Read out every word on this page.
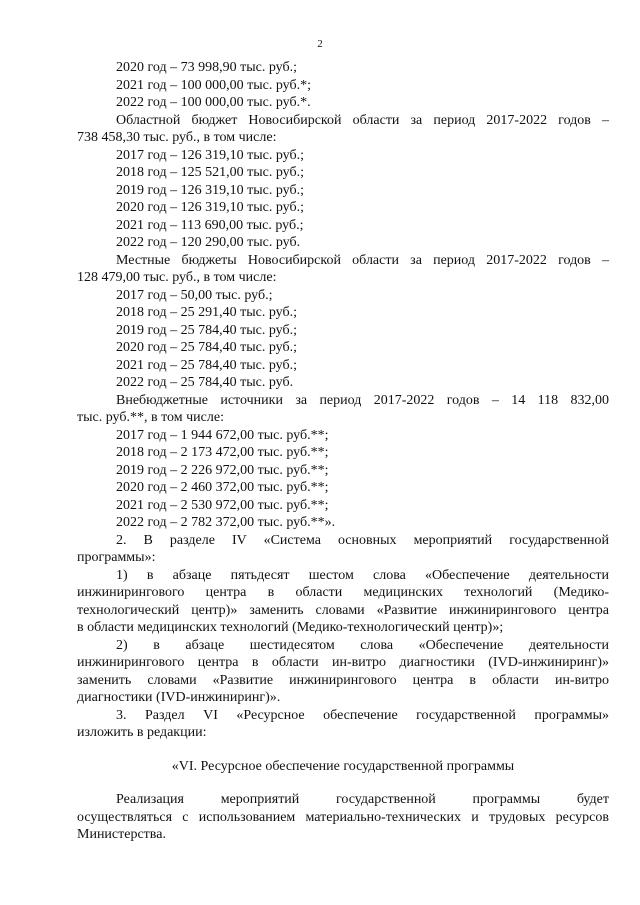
2

2020 год – 73 998,90 тыс. руб.;

2021 год – 100 000,00 тыс. руб.*;

2022 год – 100 000,00 тыс. руб.*.

Областной бюджет Новосибирской области за период 2017-2022 годов –

738 458,30 тыс. руб., в том числе:

2017 год – 126 319,10 тыс. руб.;

2018 год – 125 521,00 тыс. руб.;

2019 год – 126 319,10 тыс. руб.;

2020 год – 126 319,10 тыс. руб.;

2021 год – 113 690,00 тыс. руб.;

2022 год – 120 290,00 тыс. руб.

Местные бюджеты Новосибирской области за период 2017-2022 годов –

128 479,00 тыс. руб., в том числе:

2017 год – 50,00 тыс. руб.;

2018 год – 25 291,40 тыс. руб.;

2019 год – 25 784,40 тыс. руб.;

2020 год – 25 784,40 тыс. руб.;

2021 год – 25 784,40 тыс. руб.;

2022 год – 25 784,40 тыс. руб.

Внебюджетные источники за период 2017-2022 годов – 14 118 832,00

тыс. руб.**, в том числе:

2017 год – 1 944 672,00 тыс. руб.**;

2018 год – 2 173 472,00 тыс. руб.**;

2019 год – 2 226 972,00 тыс. руб.**;

2020 год – 2 460 372,00 тыс. руб.**;

2021 год – 2 530 972,00 тыс. руб.**;

2022 год – 2 782 372,00 тыс. руб.**».

2. В разделе IV «Система основных мероприятий государственной

программы»:

1) в абзаце пятьдесят шестом слова «Обеспечение деятельности

инжинирингового центра в области медицинских технологий (Медико-

технологический центр)» заменить словами «Развитие инжинирингового центра

в области медицинских технологий (Медико-технологический центр)»;

2) в абзаце шестидесятом слова «Обеспечение деятельности

инжинирингового центра в области ин-витро диагностики (IVD-инжиниринг)»

заменить словами «Развитие инжинирингового центра в области ин-витро

диагностики (IVD-инжиниринг)».

3. Раздел VI «Ресурсное обеспечение государственной программы»

изложить в редакции:

«VI. Ресурсное обеспечение государственной программы

Реализация мероприятий государственной программы будет

осуществляться с использованием материально-технических и трудовых ресурсов

Министерства.
